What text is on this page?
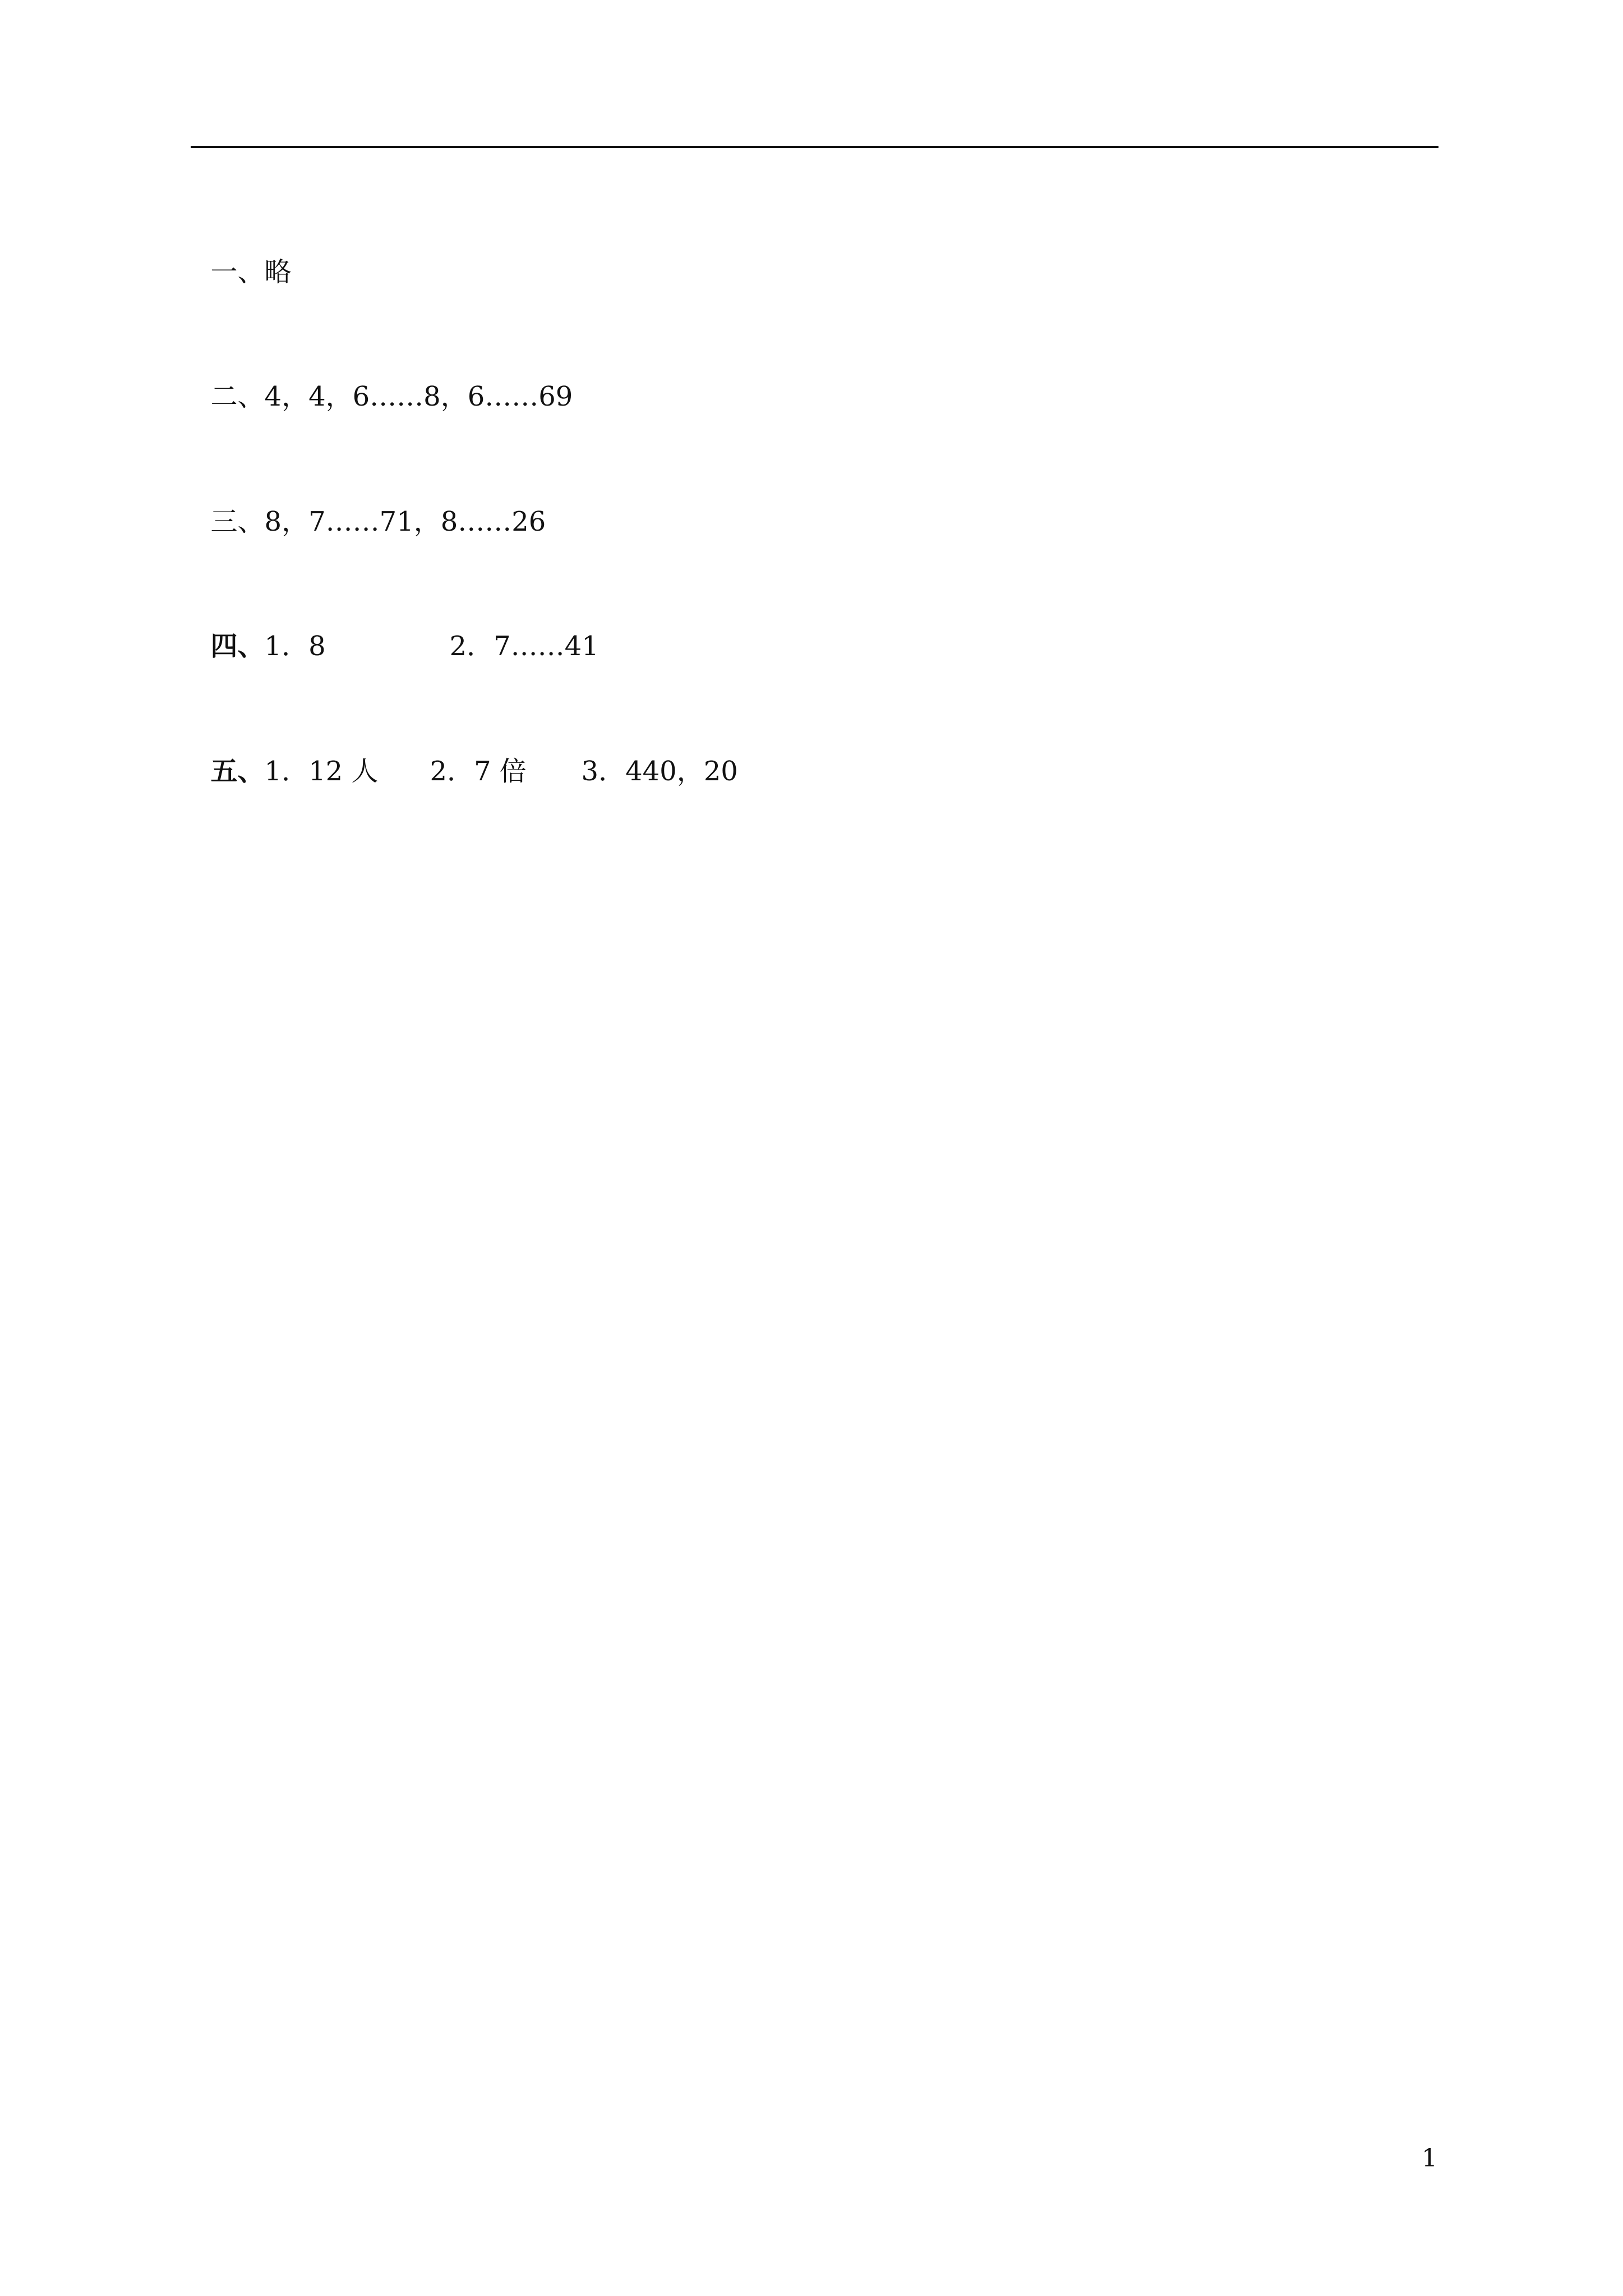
一、略

二、4，4，6……8，6……69

三、8，7……71，8……26

四、1．8	2．7……41

五、1．12 人 2．7 倍 3．440，20

1
